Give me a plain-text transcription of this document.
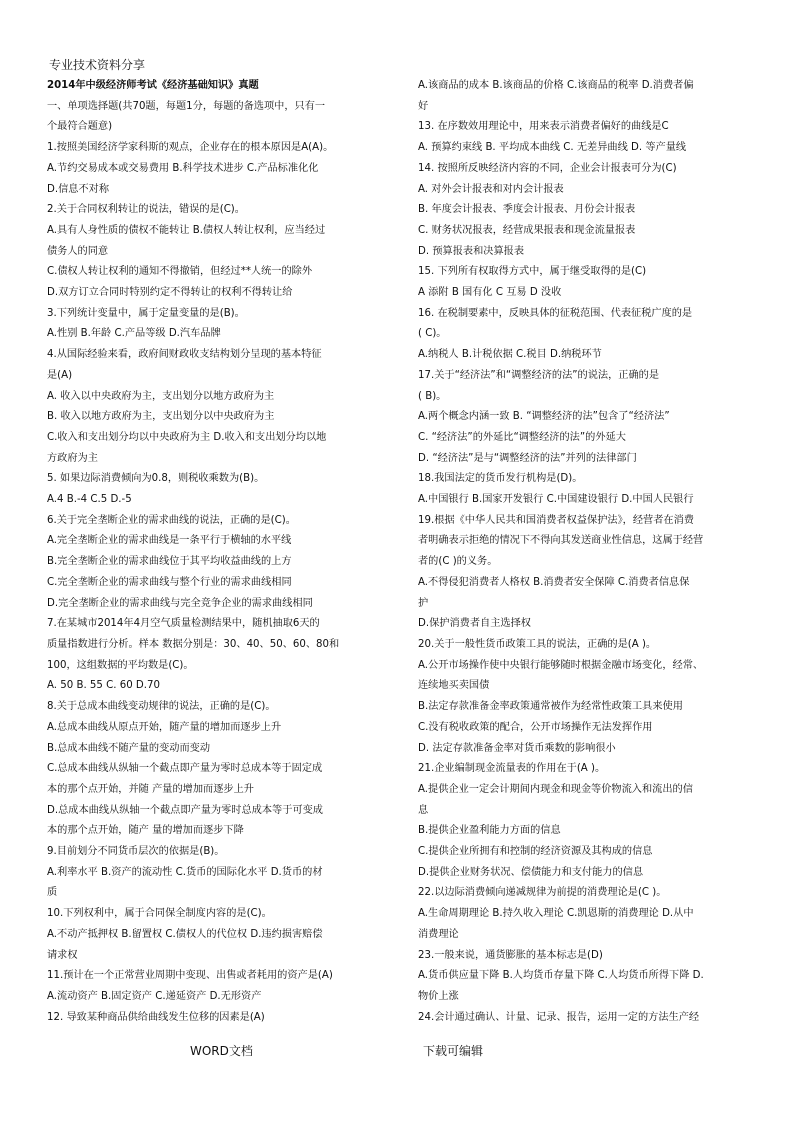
专业技术资料分享
2014年中级经济师考试《经济基础知识》真题
一、单项选择题(共70题，每题1分，每题的备选项中，只有一
个最符合题意)
1.按照美国经济学家科斯的观点，企业存在的根本原因是A(A)。
A.节约交易成本或交易费用 B.科学技术进步 C.产品标准化化
D.信息不对称
2.关于合同权利转让的说法，错误的是(C)。
A.具有人身性质的债权不能转让 B.债权人转让权利，应当经过
债务人的同意
C.债权人转让权利的通知不得撤销，但经过**人统一的除外
D.双方订立合同时特别约定不得转让的权利不得转让给
3.下列统计变量中，属于定量变量的是(B)。
A.性别 B.年龄 C.产品等级 D.汽车品牌
4.从国际经验来看，政府间财政收支结构划分呈现的基本特征
是(A)
A. 收入以中央政府为主，支出划分以地方政府为主
B. 收入以地方政府为主，支出划分以中央政府为主
C.收入和支出划分均以中央政府为主 D.收入和支出划分均以地
方政府为主
5. 如果边际消费倾向为0.8，则税收乘数为(B)。
A.4 B.-4 C.5 D.-5
6.关于完全垄断企业的需求曲线的说法，正确的是(C)。
A.完全垄断企业的需求曲线是一条平行于横轴的水平线
B.完全垄断企业的需求曲线位于其平均收益曲线的上方
C.完全垄断企业的需求曲线与整个行业的需求曲线相同
D.完全垄断企业的需求曲线与完全竞争企业的需求曲线相同
7.在某城市2014年4月空气质量检测结果中，随机抽取6天的
质量指数进行分析。样本 数据分别是：30、40、50、60、80和
100，这组数据的平均数是(C)。
A. 50 B. 55 C. 60 D.70
8.关于总成本曲线变动规律的说法，正确的是(C)。
A.总成本曲线从原点开始，随产量的增加而逐步上升
B.总成本曲线不随产量的变动而变动
C.总成本曲线从纵轴一个截点即产量为零时总成本等于固定成
本的那个点开始，并随 产量的增加而逐步上升
D.总成本曲线从纵轴一个截点即产量为零时总成本等于可变成
本的那个点开始，随产 量的增加而逐步下降
9.目前划分不同货币层次的依据是(B)。
A.利率水平 B.资产的流动性 C.货币的国际化水平 D.货币的材
质
10.下列权利中，属于合同保全制度内容的是(C)。
A.不动产抵押权 B.留置权 C.债权人的代位权 D.违约损害赔偿
请求权
11.预计在一个正常营业周期中变现、出售或者耗用的资产是(A)
A.流动资产 B.固定资产 C.递延资产 D.无形资产
12. 导致某种商品供给曲线发生位移的因素是(A)
A.该商品的成本 B.该商品的价格 C.该商品的税率 D.消费者偏
好
13. 在序数效用理论中，用来表示消费者偏好的曲线是C
A. 预算约束线 B. 平均成本曲线 C. 无差异曲线 D. 等产量线
14. 按照所反映经济内容的不同，企业会计报表可分为(C)
A. 对外会计报表和对内会计报表
B. 年度会计报表、季度会计报表、月份会计报表
C. 财务状况报表，经营成果报表和现金流量报表
D. 预算报表和决算报表
15. 下列所有权取得方式中，属于继受取得的是(C)
A 添附 B 国有化 C 互易 D 没收
16. 在税制要素中，反映具体的征税范围、代表征税广度的是
( C)。
A.纳税人 B.计税依据 C.税目 D.纳税环节
17.关于“经济法”和“调整经济的法”的说法，正确的是
( B)。
A.两个概念内涵一致 B. “调整经济的法”包含了“经济法”
C. “经济法”的外延比“调整经济的法”的外延大
D. “经济法”是与“调整经济的法”并列的法律部门
18.我国法定的货币发行机构是(D)。
A.中国银行 B.国家开发银行 C.中国建设银行 D.中国人民银行
19.根据《中华人民共和国消费者权益保护法》，经营者在消费
者明确表示拒绝的情况下不得向其发送商业性信息，这属于经营
者的(C )的义务。
A.不得侵犯消费者人格权 B.消费者安全保障 C.消费者信息保
护
D.保护消费者自主选择权
20.关于一般性货币政策工具的说法，正确的是(A )。
A.公开市场操作使中央银行能够随时根据金融市场变化，经常、
连续地买卖国债
B.法定存款准备金率政策通常被作为经常性政策工具来使用
C.没有税收政策的配合，公开市场操作无法发挥作用
D. 法定存款准备金率对货币乘数的影响很小
21.企业编制现金流量表的作用在于(A )。
A.提供企业一定会计期间内现金和现金等价物流入和流出的信
息
B.提供企业盈利能力方面的信息
C.提供企业所拥有和控制的经济资源及其构成的信息
D.提供企业财务状况、偿债能力和支付能力的信息
22.以边际消费倾向递减规律为前提的消费理论是(C )。
A.生命周期理论 B.持久收入理论 C.凯恩斯的消费理论 D.从中
消费理论
23.一般来说，通货膨胀的基本标志是(D)
A.货币供应量下降 B.人均货币存量下降 C.人均货币所得下降 D.
物价上涨
24.会计通过确认、计量、记录、报告，运用一定的方法生产经
WORD文档	下载可编辑
